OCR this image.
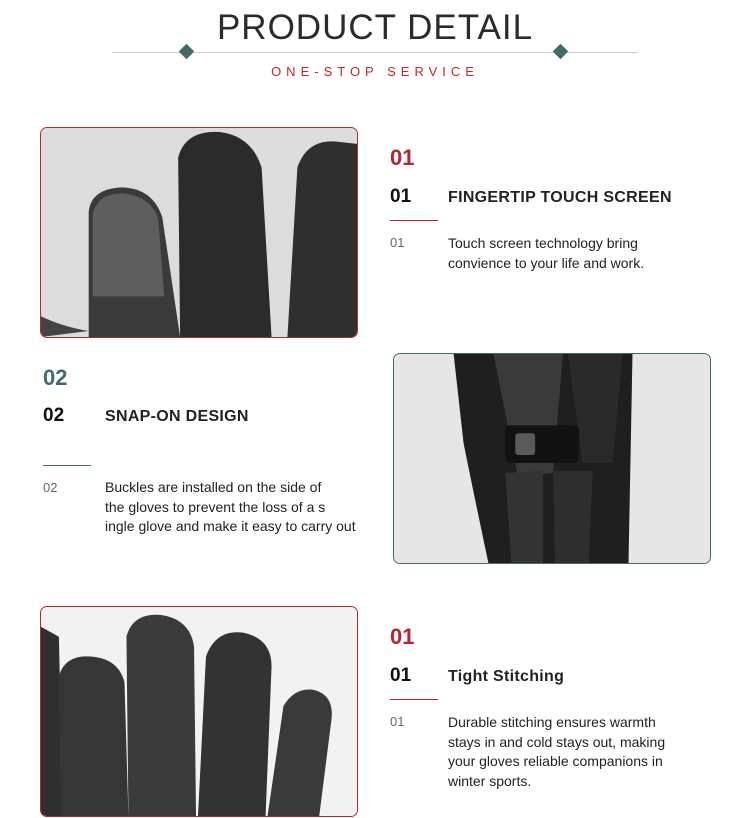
PRODUCT DETAIL
ONE-STOP SERVICE
01
01 FINGERTIP TOUCH SCREEN
01	Touch screen technology bring
convience to your life and work.
02
02	SNAP-ON DESIGN
02	Buckles are installed on the side of
the gloves to prevent the loss of a s
ingle glove and make it easy to carry out
01
01 Tight Stitching
01	Durable stitching ensures warmth
stays in and cold stays out, making
your gloves reliable companions in
winter sports.
